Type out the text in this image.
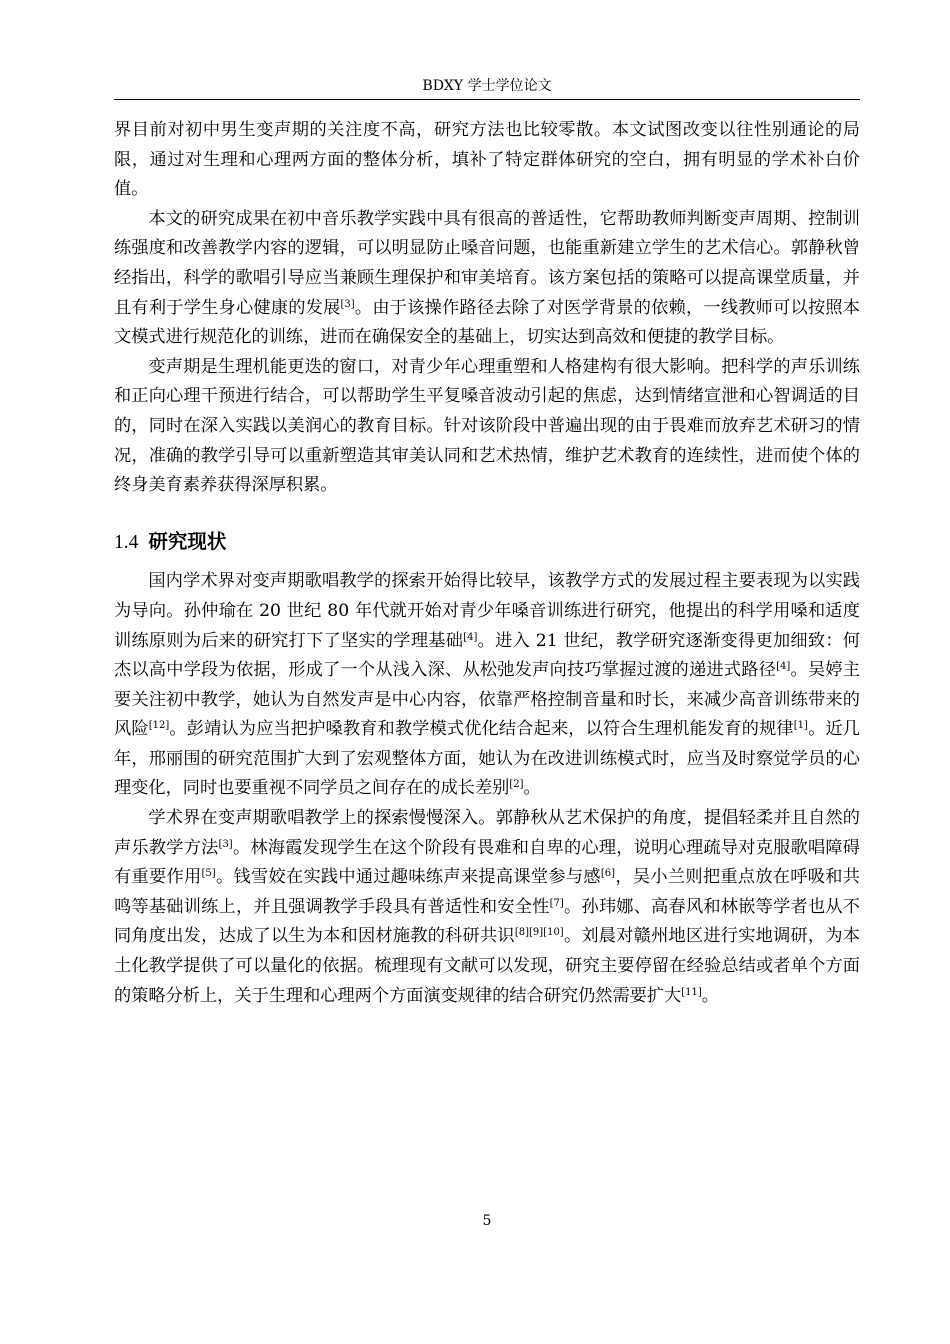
BDXY 学士学位论文

界目前对初中男生变声期的关注度不高，研究方法也比较零散。本文试图改变以往性别通论的局限，通过对生理和心理两方面的整体分析，填补了特定群体研究的空白，拥有明显的学术补白价值。

本文的研究成果在初中音乐教学实践中具有很高的普适性，它帮助教师判断变声周期、控制训练强度和改善教学内容的逻辑，可以明显防止嗓音问题，也能重新建立学生的艺术信心。郭静秋曾经指出，科学的歌唱引导应当兼顾生理保护和审美培育。该方案包括的策略可以提高课堂质量，并且有利于学生身心健康的发展[3]。由于该操作路径去除了对医学背景的依赖，一线教师可以按照本文模式进行规范化的训练，进而在确保安全的基础上，切实达到高效和便捷的教学目标。

变声期是生理机能更迭的窗口，对青少年心理重塑和人格建构有很大影响。把科学的声乐训练和正向心理干预进行结合，可以帮助学生平复嗓音波动引起的焦虑，达到情绪宣泄和心智调适的目的，同时在深入实践以美润心的教育目标。针对该阶段中普遍出现的由于畏难而放弃艺术研习的情况，准确的教学引导可以重新塑造其审美认同和艺术热情，维护艺术教育的连续性，进而使个体的终身美育素养获得深厚积累。

1.4 研究现状

国内学术界对变声期歌唱教学的探索开始得比较早，该教学方式的发展过程主要表现为以实践为导向。孙仲瑜在 20 世纪 80 年代就开始对青少年嗓音训练进行研究，他提出的科学用嗓和适度训练原则为后来的研究打下了坚实的学理基础[4]。进入 21 世纪，教学研究逐渐变得更加细致：何杰以高中学段为依据，形成了一个从浅入深、从松弛发声向技巧掌握过渡的递进式路径[4]。吴婷主要关注初中教学，她认为自然发声是中心内容，依靠严格控制音量和时长，来减少高音训练带来的风险[12]。彭靖认为应当把护嗓教育和教学模式优化结合起来，以符合生理机能发育的规律[1]。近几年，邢丽围的研究范围扩大到了宏观整体方面，她认为在改进训练模式时，应当及时察觉学员的心理变化，同时也要重视不同学员之间存在的成长差别[2]。

学术界在变声期歌唱教学上的探索慢慢深入。郭静秋从艺术保护的角度，提倡轻柔并且自然的声乐教学方法[3]。林海霞发现学生在这个阶段有畏难和自卑的心理，说明心理疏导对克服歌唱障碍有重要作用[5]。钱雪姣在实践中通过趣味练声来提高课堂参与感[6]，吴小兰则把重点放在呼吸和共鸣等基础训练上，并且强调教学手段具有普适性和安全性[7]。孙玮娜、高春风和林嵌等学者也从不同角度出发，达成了以生为本和因材施教的科研共识[8][9][10]。刘晨对赣州地区进行实地调研，为本土化教学提供了可以量化的依据。梳理现有文献可以发现，研究主要停留在经验总结或者单个方面的策略分析上，关于生理和心理两个方面演变规律的结合研究仍然需要扩大[11]。

5
